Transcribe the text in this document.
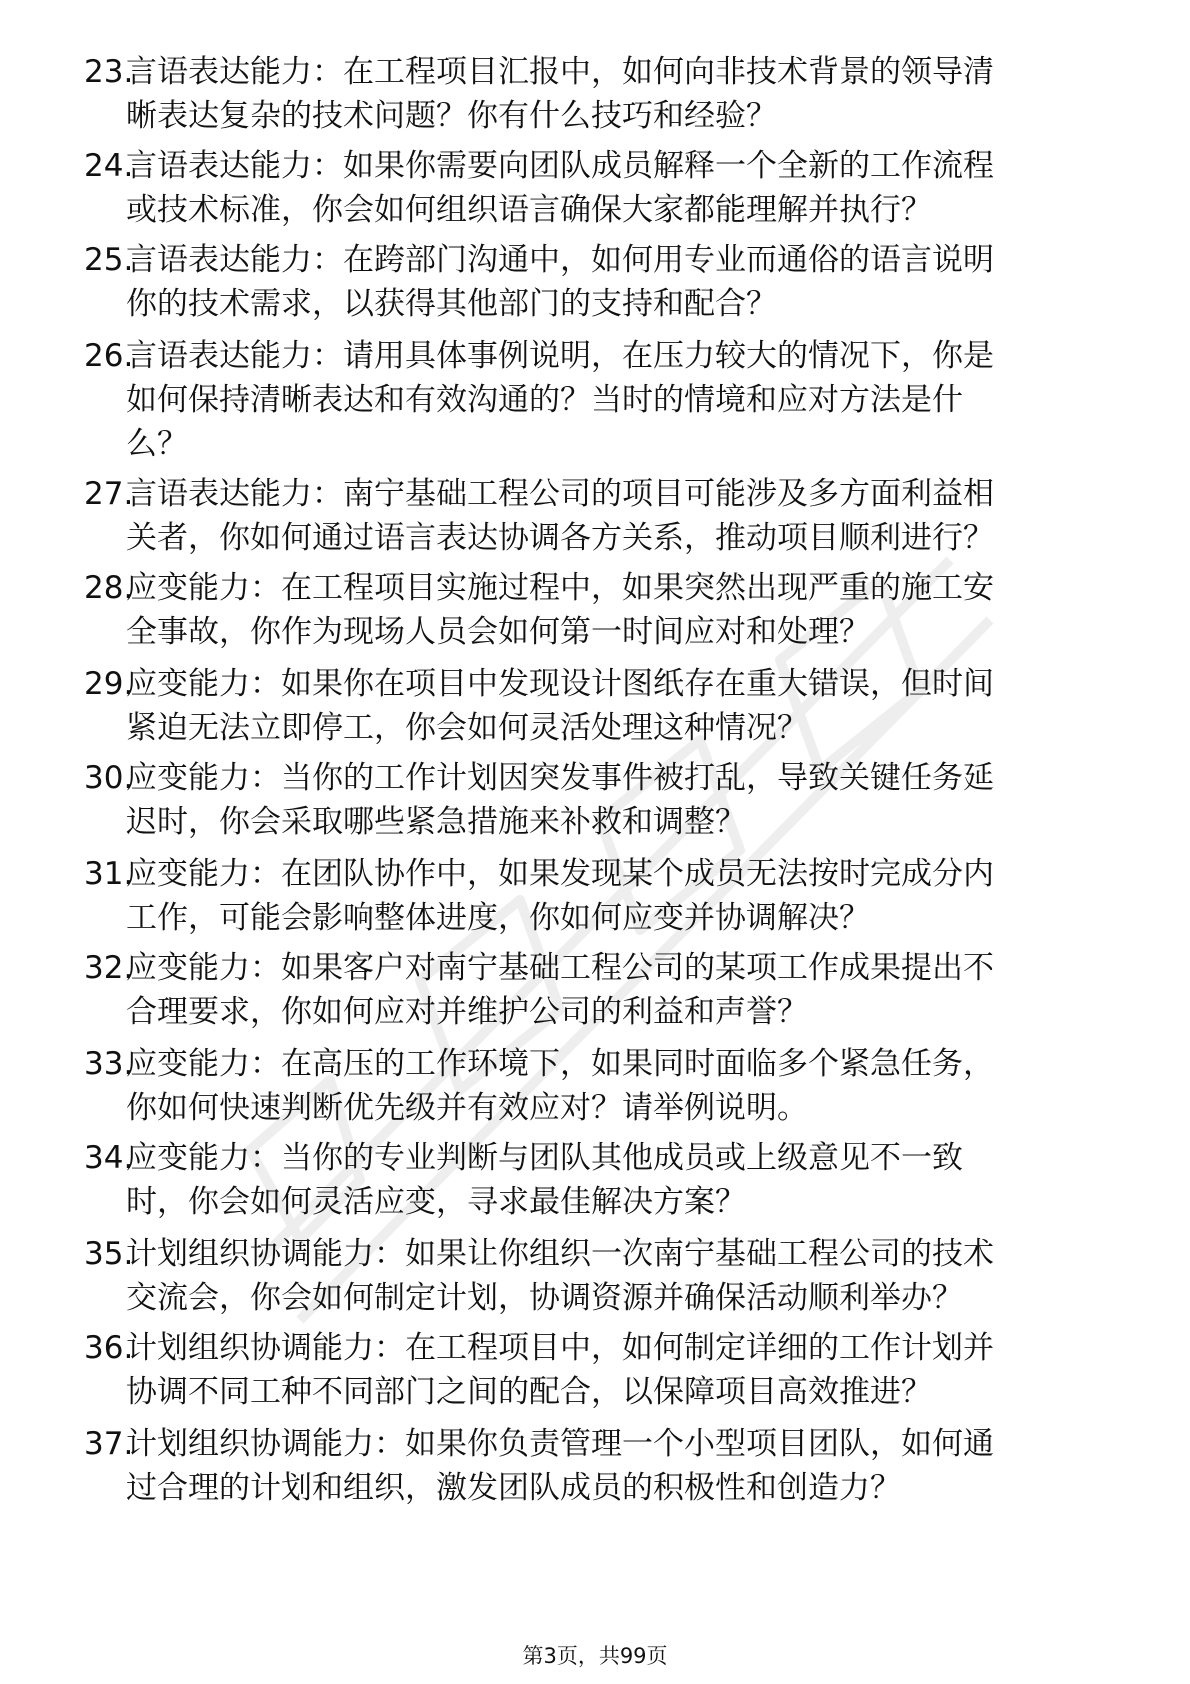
23.
言语表达能力：在工程项目汇报中，如何向非技术背景的领导清
晰表达复杂的技术问题？你有什么技巧和经验？
24.
言语表达能力：如果你需要向团队成员解释一个全新的工作流程
或技术标准，你会如何组织语言确保大家都能理解并执行？
25.
言语表达能力：在跨部门沟通中，如何用专业而通俗的语言说明
你的技术需求，以获得其他部门的支持和配合？
26.
言语表达能力：请用具体事例说明，在压力较大的情况下，你是
如何保持清晰表达和有效沟通的？当时的情境和应对方法是什
么？
27.
言语表达能力：南宁基础工程公司的项目可能涉及多方面利益相
关者，你如何通过语言表达协调各方关系，推动项目顺利进行？
28.
应变能力：在工程项目实施过程中，如果突然出现严重的施工安
全事故，你作为现场人员会如何第一时间应对和处理？
29.
应变能力：如果你在项目中发现设计图纸存在重大错误，但时间
紧迫无法立即停工，你会如何灵活处理这种情况？
30.
应变能力：当你的工作计划因突发事件被打乱，导致关键任务延
迟时，你会采取哪些紧急措施来补救和调整？
31.
应变能力：在团队协作中，如果发现某个成员无法按时完成分内
工作，可能会影响整体进度，你如何应变并协调解决？
32.
应变能力：如果客户对南宁基础工程公司的某项工作成果提出不
合理要求，你如何应对并维护公司的利益和声誉？
33.
应变能力：在高压的工作环境下，如果同时面临多个紧急任务，
你如何快速判断优先级并有效应对？请举例说明。
34.
应变能力：当你的专业判断与团队其他成员或上级意见不一致
时，你会如何灵活应变，寻求最佳解决方案？
35.
计划组织协调能力：如果让你组织一次南宁基础工程公司的技术
交流会，你会如何制定计划，协调资源并确保活动顺利举办？
36.
计划组织协调能力：在工程项目中，如何制定详细的工作计划并
协调不同工种不同部门之间的配合，以保障项目高效推进？
37.
计划组织协调能力：如果你负责管理一个小型项目团队，如何通
过合理的计划和组织，激发团队成员的积极性和创造力？
第3页，共99页
